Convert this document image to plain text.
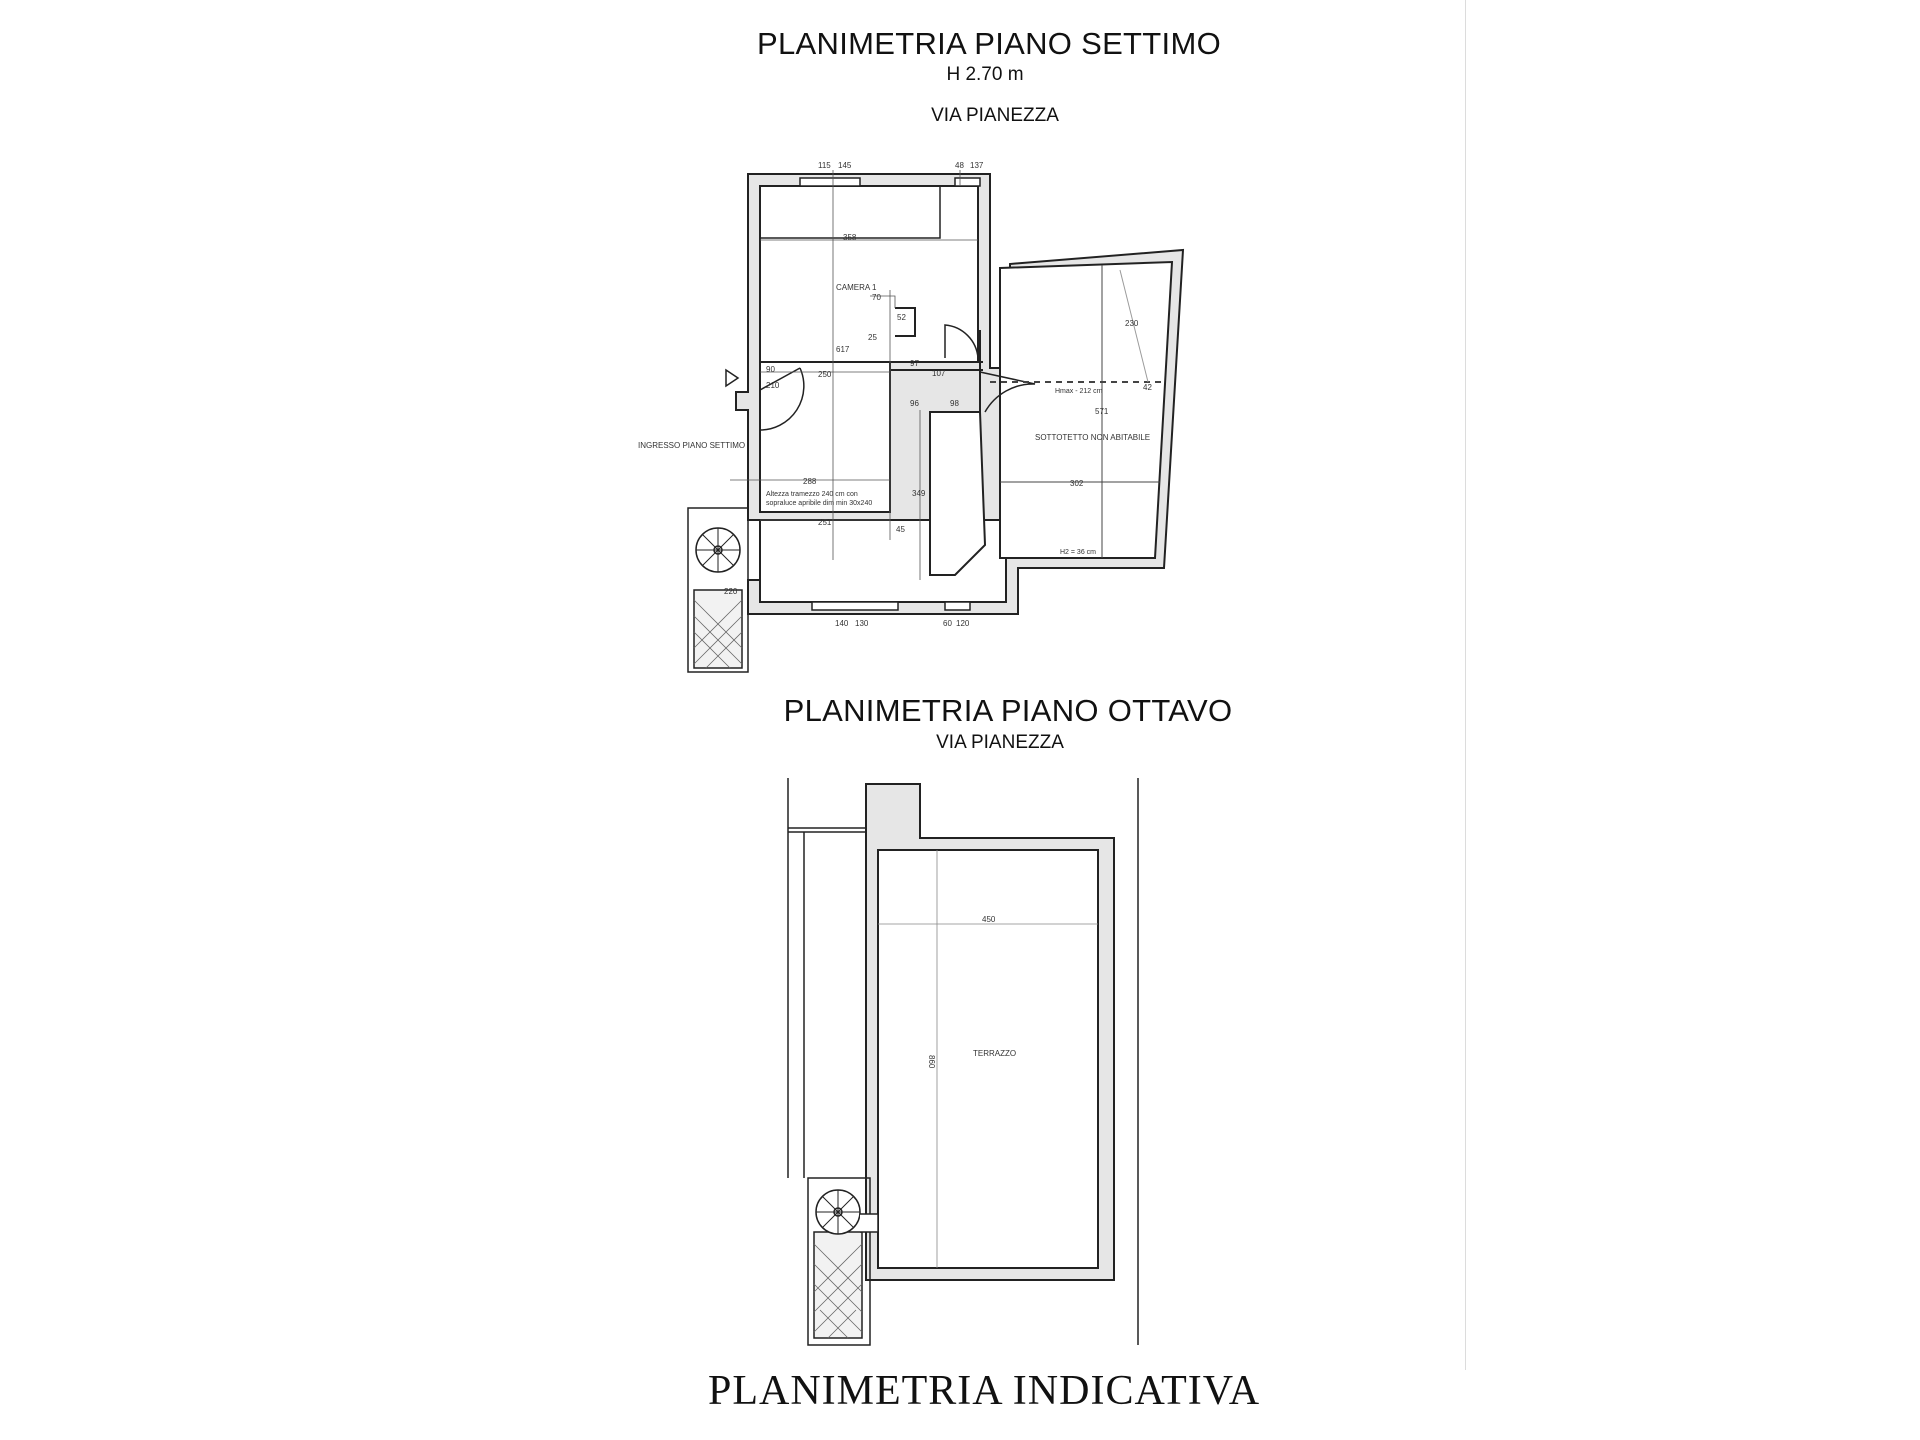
PLANIMETRIA PIANO SETTIMO
H 2.70 m
VIA PIANEZZA
PLANIMETRIA PIANO OTTAVO
VIA PIANEZZA
PLANIMETRIA INDICATIVA
CAMERA 1
SOTTOTETTO NON ABITABILE
INGRESSO PIANO SETTIMO
Altezza tramezzo 240 cm con
sopraluce apribile dim min 30x240
Hmax - 212 cm
H2 = 36 cm
115 145	48 137
358
70
52
25
617
97
107
90
210
250
96	98
230
42
571
288	302
349
251
45
220
140 130	60 120
450
860
TERRAZZO
